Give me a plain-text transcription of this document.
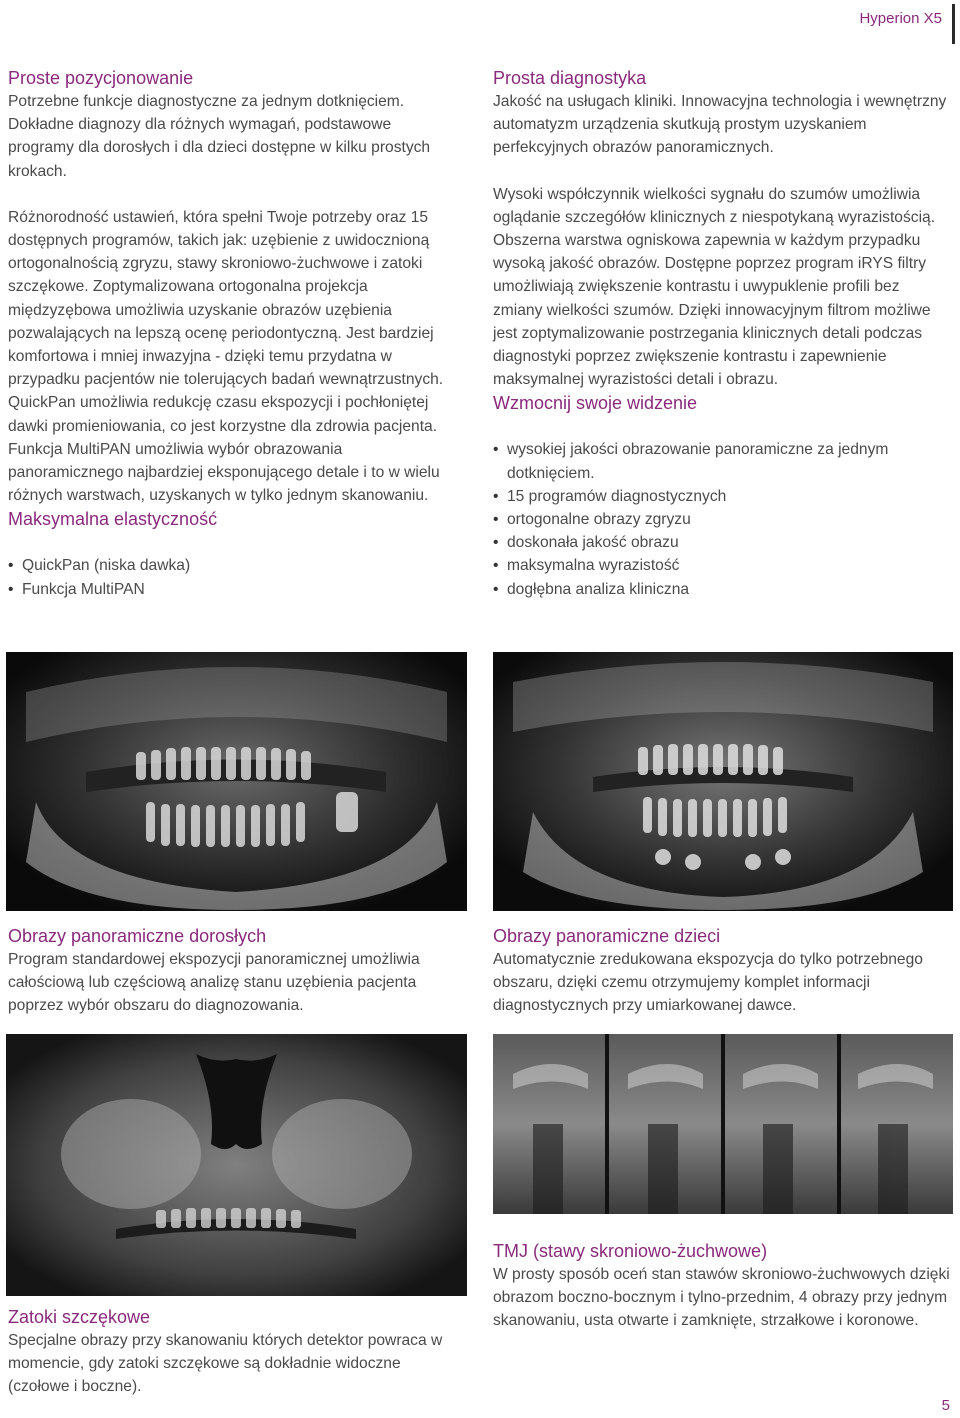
Hyperion X5
Proste pozycjonowanie

Potrzebne funkcje diagnostyczne za jednym dotknięciem. Dokładne diagnozy dla różnych wymagań, podstawowe programy dla dorosłych i dla dzieci dostępne w kilku prostych krokach.

Różnorodność ustawień, która spełni Twoje potrzeby oraz 15 dostępnych programów, takich jak: uzębienie z uwidocznioną ortogonalnością zgryzu, stawy skroniowo-żuchwowe i zatoki szczękowe. Zoptymalizowana ortogonalna projekcja międzyzębowa umożliwia uzyskanie obrazów uzębienia pozwalających na lepszą ocenę periodontyczną. Jest bardziej komfortowa i mniej inwazyjna - dzięki temu przydatna w przypadku pacjentów nie tolerujących badań wewnątrzustnych. QuickPan umożliwia redukcję czasu ekspozycji i pochłoniętej dawki promieniowania, co jest korzystne dla zdrowia pacjenta. Funkcja MultiPAN umożliwia wybór obrazowania panoramicznego najbardziej eksponującego detale i to w wielu różnych warstwach, uzyskanych w tylko jednym skanowaniu.

Maksymalna elastyczność
• QuickPan (niska dawka)
• Funkcja MultiPAN
Prosta diagnostyka

Jakość na usługach kliniki. Innowacyjna technologia i wewnętrzny automatyzm urządzenia skutkują prostym uzyskaniem perfekcyjnych obrazów panoramicznych.

Wysoki współczynnik wielkości sygnału do szumów umożliwia oglądanie szczegółów klinicznych z niespotykaną wyrazistością. Obszerna warstwa ogniskowa zapewnia w każdym przypadku wysoką jakość obrazów. Dostępne poprzez program iRYS filtry umożliwiają zwiększenie kontrastu i uwypuklenie profili bez zmiany wielkości szumów. Dzięki innowacyjnym filtrom możliwe jest zoptymalizowanie postrzegania klinicznych detali podczas diagnostyki poprzez zwiększenie kontrastu i zapewnienie maksymalnej wyrazistości detali i obrazu.

Wzmocnij swoje widzenie
• wysokiej jakości obrazowanie panoramiczne za jednym dotknięciem.
• 15 programów diagnostycznych
• ortogonalne obrazy zgryzu
• doskonała jakość obrazu
• maksymalna wyrazistość
• dogłębna analiza kliniczna
Obrazy panoramiczne dorosłych

Program standardowej ekspozycji panoramicznej umożliwia całościową lub częściową analizę stanu uzębienia pacjenta poprzez wybór obszaru do diagnozowania.

Obrazy panoramiczne dzieci

Automatycznie zredukowana ekspozycja do tylko potrzebnego obszaru, dzięki czemu otrzymujemy komplet informacji diagnostycznych przy umiarkowanej dawce.

TMJ (stawy skroniowo-żuchwowe)

W prosty sposób oceń stan stawów skroniowo-żuchwowych dzięki obrazom boczno-bocznym i tylno-przednim, 4 obrazy przy jednym skanowaniu, usta otwarte i zamknięte, strzałkowe i koronowe.

Zatoki szczękowe

Specjalne obrazy przy skanowaniu których detektor powraca w momencie, gdy zatoki szczękowe są dokładnie widoczne (czołowe i boczne).

5
